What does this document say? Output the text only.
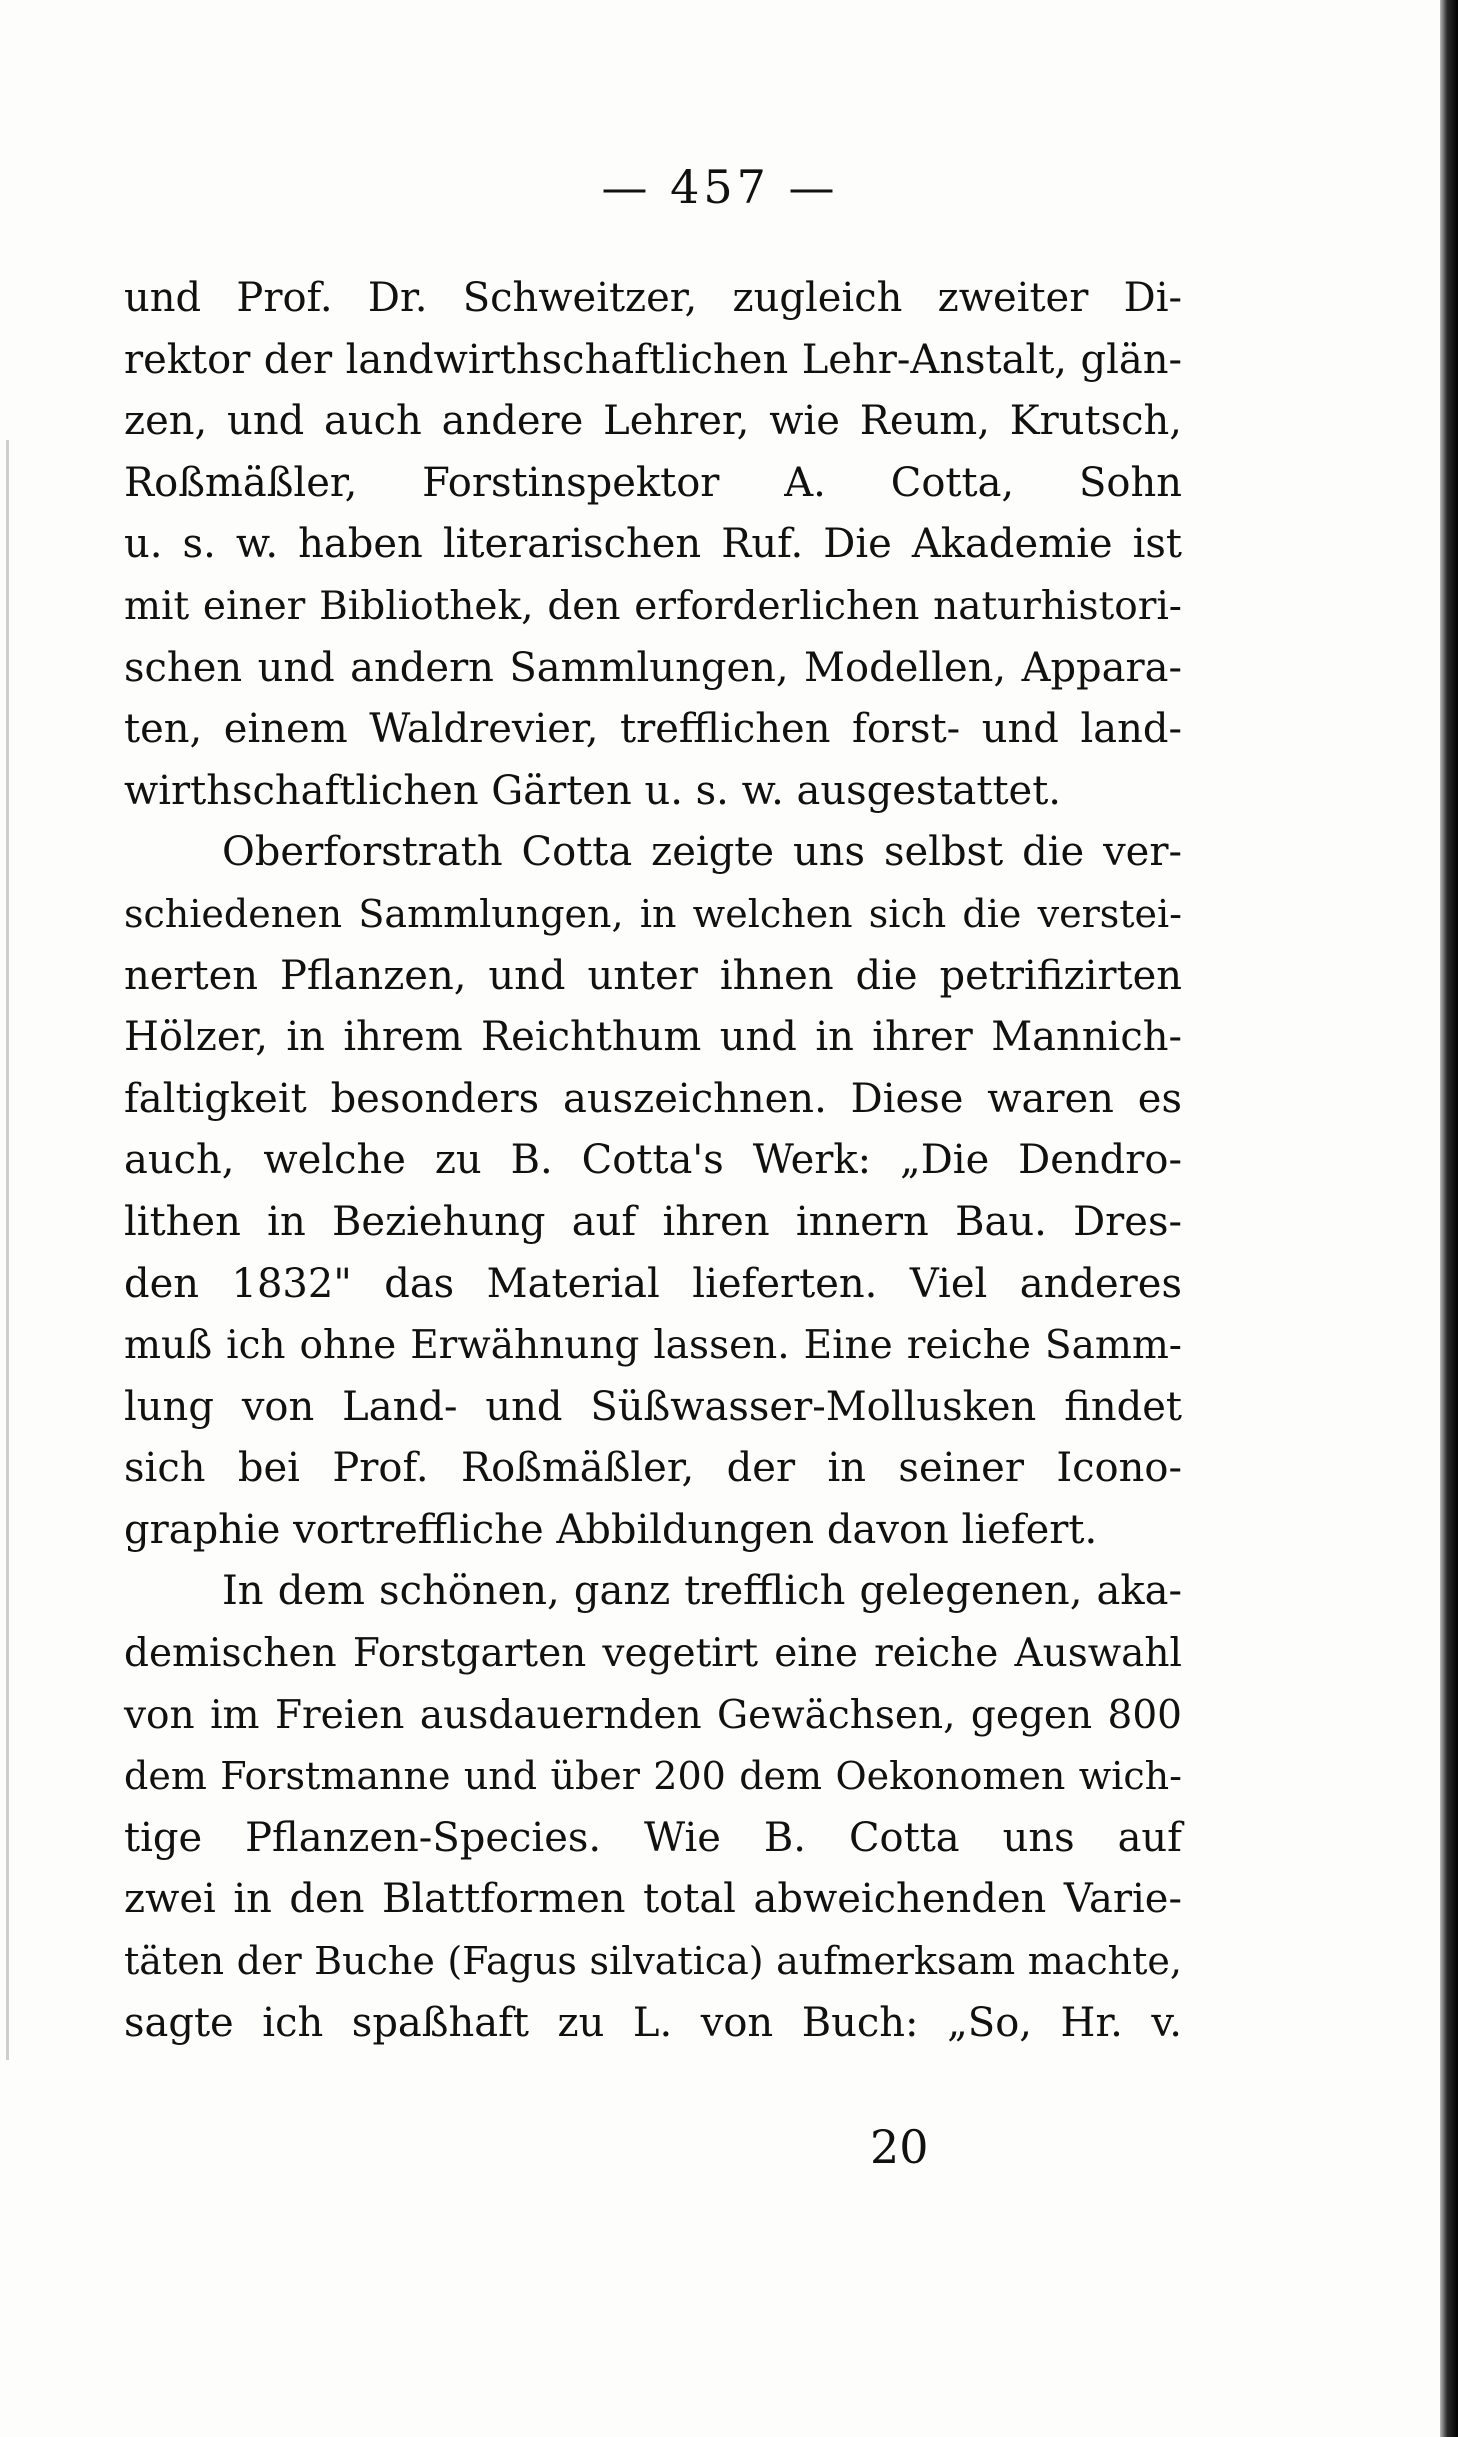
— 457 —
und Prof. Dr. Schweitzer, zugleich zweiter Di-
rektor der landwirthschaftlichen Lehr-Anstalt, glän-
zen, und auch andere Lehrer, wie Reum, Krutsch,
Roßmäßler, Forstinspektor A. Cotta, Sohn
u. s. w. haben literarischen Ruf. Die Akademie ist
mit einer Bibliothek, den erforderlichen naturhistori-
schen und andern Sammlungen, Modellen, Appara-
ten, einem Waldrevier, trefflichen forst- und land-
wirthschaftlichen Gärten u. s. w. ausgestattet.
Oberforstrath Cotta zeigte uns selbst die ver-
schiedenen Sammlungen, in welchen sich die verstei-
nerten Pflanzen, und unter ihnen die petrifizirten
Hölzer, in ihrem Reichthum und in ihrer Mannich-
faltigkeit besonders auszeichnen. Diese waren es
auch, welche zu B. Cotta's Werk: „Die Dendro-
lithen in Beziehung auf ihren innern Bau. Dres-
den 1832" das Material lieferten. Viel anderes
muß ich ohne Erwähnung lassen. Eine reiche Samm-
lung von Land- und Süßwasser-Mollusken findet
sich bei Prof. Roßmäßler, der in seiner Icono-
graphie vortreffliche Abbildungen davon liefert.
In dem schönen, ganz trefflich gelegenen, aka-
demischen Forstgarten vegetirt eine reiche Auswahl
von im Freien ausdauernden Gewächsen, gegen 800
dem Forstmanne und über 200 dem Oekonomen wich-
tige Pflanzen-Species. Wie B. Cotta uns auf
zwei in den Blattformen total abweichenden Varie-
täten der Buche (Fagus silvatica) aufmerksam machte,
sagte ich spaßhaft zu L. von Buch: „So, Hr. v.
20
